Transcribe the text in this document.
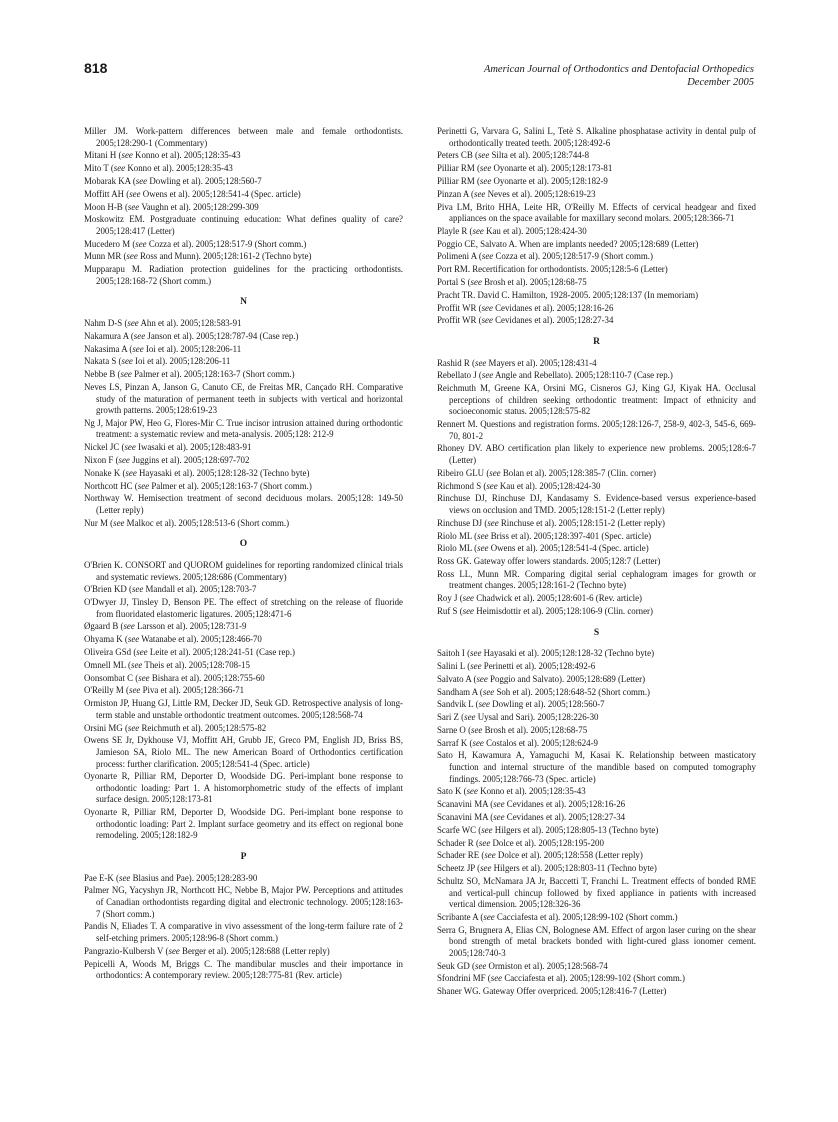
818	American Journal of Orthodontics and Dentofacial Orthopedics
December 2005
Miller JM. Work-pattern differences between male and female orthodontists. 2005;128:290-1 (Commentary)
Mitani H (see Konno et al). 2005;128:35-43
Mito T (see Konno et al). 2005;128:35-43
Mobarak KA (see Dowling et al). 2005;128:560-7
Moffitt AH (see Owens et al). 2005;128:541-4 (Spec. article)
Moon H-B (see Vaughn et al). 2005;128:299-309
Moskowitz EM. Postgraduate continuing education: What defines quality of care? 2005;128:417 (Letter)
Mucedero M (see Cozza et al). 2005;128:517-9 (Short comm.)
Munn MR (see Ross and Munn). 2005;128:161-2 (Techno byte)
Mupparapu M. Radiation protection guidelines for the practicing orthodontists. 2005;128:168-72 (Short comm.)
N
Nahm D-S (see Ahn et al). 2005;128:583-91
Nakamura A (see Janson et al). 2005;128:787-94 (Case rep.)
Nakasima A (see Ioi et al). 2005;128:206-11
Nakata S (see Ioi et al). 2005;128:206-11
Nebbe B (see Palmer et al). 2005;128:163-7 (Short comm.)
Neves LS, Pinzan A, Janson G, Canuto CE, de Freitas MR, Cançado RH. Comparative study of the maturation of permanent teeth in subjects with vertical and horizontal growth patterns. 2005;128:619-23
Ng J, Major PW, Heo G, Flores-Mir C. True incisor intrusion attained during orthodontic treatment: a systematic review and meta-analysis. 2005;128: 212-9
Nickel JC (see Iwasaki et al). 2005;128:483-91
Nixon F (see Juggins et al). 2005;128:697-702
Nonake K (see Hayasaki et al). 2005;128:128-32 (Techno byte)
Northcott HC (see Palmer et al). 2005;128:163-7 (Short comm.)
Northway W. Hemisection treatment of second deciduous molars. 2005;128: 149-50 (Letter reply)
Nur M (see Malkoc et al). 2005;128:513-6 (Short comm.)
O
O'Brien K. CONSORT and QUOROM guidelines for reporting randomized clinical trials and systematic reviews. 2005;128:686 (Commentary)
O'Brien KD (see Mandall et al). 2005;128:703-7
O'Dwyer JJ, Tinsley D, Benson PE. The effect of stretching on the release of fluoride from fluoridated elastomeric ligatures. 2005;128:471-6
Øgaard B (see Larsson et al). 2005;128:731-9
Ohyama K (see Watanabe et al). 2005;128:466-70
Oliveira GSd (see Leite et al). 2005;128:241-51 (Case rep.)
Omnell ML (see Theis et al). 2005;128:708-15
Oonsombat C (see Bishara et al). 2005;128:755-60
O'Reilly M (see Piva et al). 2005;128:366-71
Ormiston JP, Huang GJ, Little RM, Decker JD, Seuk GD. Retrospective analysis of long-term stable and unstable orthodontic treatment outcomes. 2005;128:568-74
Orsini MG (see Reichmuth et al). 2005;128:575-82
Owens SE Jr, Dykhouse VJ, Moffitt AH, Grubb JE, Greco PM, English JD, Briss BS, Jamieson SA, Riolo ML. The new American Board of Orthodontics certification process: further clarification. 2005;128:541-4 (Spec. article)
Oyonarte R, Pilliar RM, Deporter D, Woodside DG. Peri-implant bone response to orthodontic loading: Part 1. A histomorphometric study of the effects of implant surface design. 2005;128:173-81
Oyonarte R, Pilliar RM, Deporter D, Woodside DG. Peri-implant bone response to orthodontic loading: Part 2. Implant surface geometry and its effect on regional bone remodeling. 2005;128:182-9
P
Pae E-K (see Blasius and Pae). 2005;128:283-90
Palmer NG, Yacyshyn JR, Northcott HC, Nebbe B, Major PW. Perceptions and attitudes of Canadian orthodontists regarding digital and electronic technology. 2005;128:163-7 (Short comm.)
Pandis N, Eliades T. A comparative in vivo assessment of the long-term failure rate of 2 self-etching primers. 2005;128:96-8 (Short comm.)
Pangrazio-Kulbersh V (see Berger et al). 2005;128:688 (Letter reply)
Pepicelli A, Woods M, Briggs C. The mandibular muscles and their importance in orthodontics: A contemporary review. 2005;128:775-81 (Rev. article)
Perinetti G, Varvara G, Salini L, Tetè S. Alkaline phosphatase activity in dental pulp of orthodontically treated teeth. 2005;128:492-6
Peters CB (see Silta et al). 2005;128:744-8
Pilliar RM (see Oyonarte et al). 2005;128:173-81
Pilliar RM (see Oyonarte et al). 2005;128:182-9
Pinzan A (see Neves et al). 2005;128:619-23
Piva LM, Brito HHA, Leite HR, O'Reilly M. Effects of cervical headgear and fixed appliances on the space available for maxillary second molars. 2005;128:366-71
Playle R (see Kau et al). 2005;128:424-30
Poggio CE, Salvato A. When are implants needed? 2005;128:689 (Letter)
Polimeni A (see Cozza et al). 2005;128:517-9 (Short comm.)
Port RM. Recertification for orthodontists. 2005;128:5-6 (Letter)
Portal S (see Brosh et al). 2005;128:68-75
Pracht TR. David C. Hamilton, 1928-2005. 2005;128:137 (In memoriam)
Proffit WR (see Cevidanes et al). 2005;128:16-26
Proffit WR (see Cevidanes et al). 2005;128:27-34
R
Rashid R (see Mayers et al). 2005;128:431-4
Rebellato J (see Angle and Rebellato). 2005;128:110-7 (Case rep.)
Reichmuth M, Greene KA, Orsini MG, Cisneros GJ, King GJ, Kiyak HA. Occlusal perceptions of children seeking orthodontic treatment: Impact of ethnicity and socioeconomic status. 2005;128:575-82
Rennert M. Questions and registration forms. 2005;128:126-7, 258-9, 402-3, 545-6, 669-70, 801-2
Rhoney DV. ABO certification plan likely to experience new problems. 2005;128:6-7 (Letter)
Ribeiro GLU (see Bolan et al). 2005;128:385-7 (Clin. corner)
Richmond S (see Kau et al). 2005;128:424-30
Rinchuse DJ, Rinchuse DJ, Kandasamy S. Evidence-based versus experience-based views on occlusion and TMD. 2005;128:151-2 (Letter reply)
Rinchuse DJ (see Rinchuse et al). 2005;128:151-2 (Letter reply)
Riolo ML (see Briss et al). 2005;128:397-401 (Spec. article)
Riolo ML (see Owens et al). 2005;128:541-4 (Spec. article)
Ross GK. Gateway offer lowers standards. 2005;128:7 (Letter)
Ross LL, Munn MR. Comparing digital serial cephalogram images for growth or treatment changes. 2005;128:161-2 (Techno byte)
Roy J (see Chadwick et al). 2005;128:601-6 (Rev. article)
Ruf S (see Heimisdottir et al). 2005;128:106-9 (Clin. corner)
S
Saitoh I (see Hayasaki et al). 2005;128:128-32 (Techno byte)
Salini L (see Perinetti et al). 2005;128:492-6
Salvato A (see Poggio and Salvato). 2005;128:689 (Letter)
Sandham A (see Soh et al). 2005;128:648-52 (Short comm.)
Sandvik L (see Dowling et al). 2005;128:560-7
Sari Z (see Uysal and Sari). 2005;128:226-30
Sarne O (see Brosh et al). 2005;128:68-75
Sarraf K (see Costalos et al). 2005;128:624-9
Sato H, Kawamura A, Yamaguchi M, Kasai K. Relationship between masticatory function and internal structure of the mandible based on computed tomography findings. 2005;128:766-73 (Spec. article)
Sato K (see Konno et al). 2005;128:35-43
Scanavini MA (see Cevidanes et al). 2005;128:16-26
Scanavini MA (see Cevidanes et al). 2005;128:27-34
Scarfe WC (see Hilgers et al). 2005;128:805-13 (Techno byte)
Schader R (see Dolce et al). 2005;128:195-200
Schader RE (see Dolce et al). 2005;128:558 (Letter reply)
Scheetz JP (see Hilgers et al). 2005;128:803-11 (Techno byte)
Schultz SO, McNamara JA Jr, Baccetti T, Franchi L. Treatment effects of bonded RME and vertical-pull chincup followed by fixed appliance in patients with increased vertical dimension. 2005;128:326-36
Scribante A (see Cacciafesta et al). 2005;128:99-102 (Short comm.)
Serra G, Brugnera A, Elias CN, Bolognese AM. Effect of argon laser curing on the shear bond strength of metal brackets bonded with light-cured glass ionomer cement. 2005;128:740-3
Seuk GD (see Ormiston et al). 2005;128:568-74
Sfondrini MF (see Cacciafesta et al). 2005;128:99-102 (Short comm.)
Shaner WG. Gateway Offer overpriced. 2005;128:416-7 (Letter)
